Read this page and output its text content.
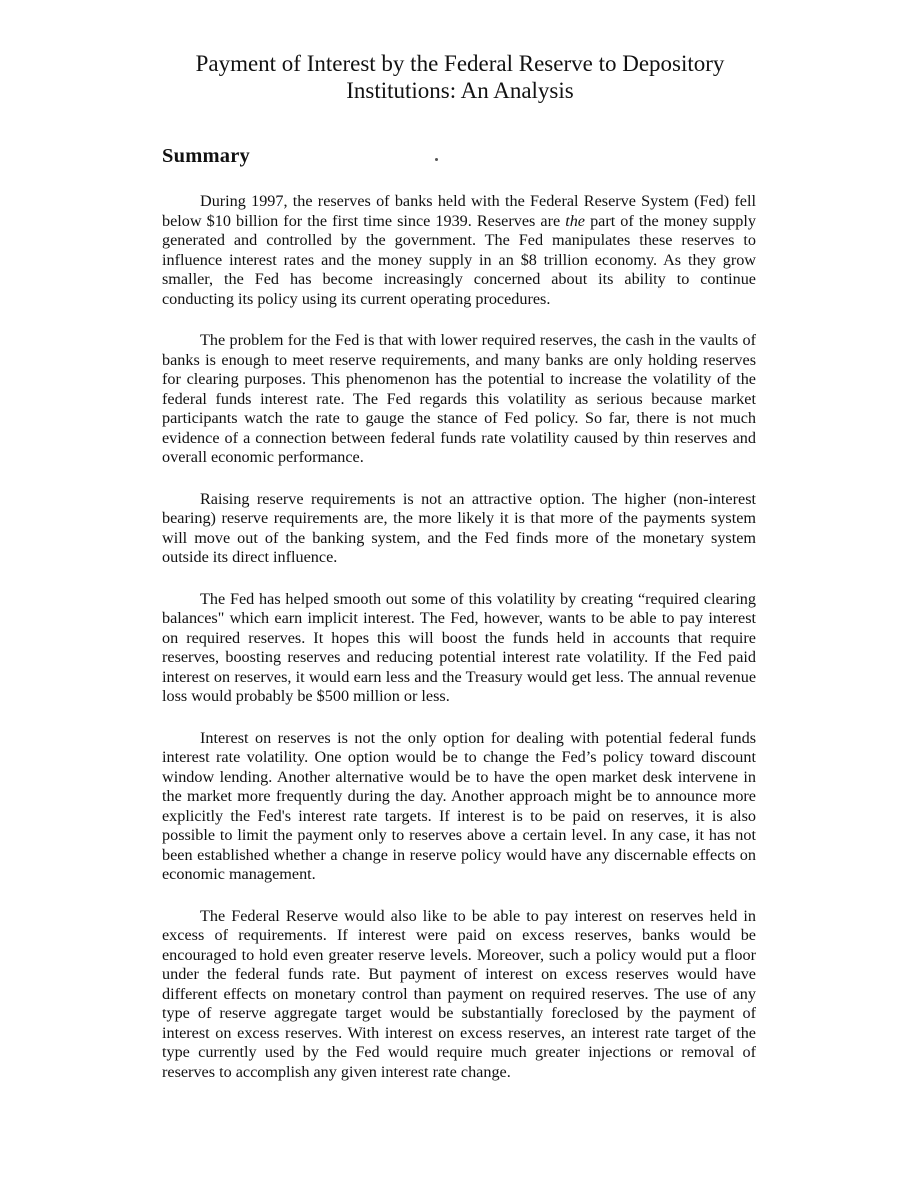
Payment of Interest by the Federal Reserve to Depository
Institutions: An Analysis
Summary

During 1997, the reserves of banks held with the Federal Reserve System (Fed) fell below $10 billion for the first time since 1939. Reserves are the part of the money supply generated and controlled by the government. The Fed manipulates these reserves to influence interest rates and the money supply in an $8 trillion economy. As they grow smaller, the Fed has become increasingly concerned about its ability to continue conducting its policy using its current operating procedures.

The problem for the Fed is that with lower required reserves, the cash in the vaults of banks is enough to meet reserve requirements, and many banks are only holding reserves for clearing purposes. This phenomenon has the potential to increase the volatility of the federal funds interest rate. The Fed regards this volatility as serious because market participants watch the rate to gauge the stance of Fed policy. So far, there is not much evidence of a connection between federal funds rate volatility caused by thin reserves and overall economic performance.

Raising reserve requirements is not an attractive option. The higher (non-interest bearing) reserve requirements are, the more likely it is that more of the payments system will move out of the banking system, and the Fed finds more of the monetary system outside its direct influence.

The Fed has helped smooth out some of this volatility by creating “required clearing balances" which earn implicit interest. The Fed, however, wants to be able to pay interest on required reserves. It hopes this will boost the funds held in accounts that require reserves, boosting reserves and reducing potential interest rate volatility. If the Fed paid interest on reserves, it would earn less and the Treasury would get less. The annual revenue loss would probably be $500 million or less.

Interest on reserves is not the only option for dealing with potential federal funds interest rate volatility. One option would be to change the Fed’s policy toward discount window lending. Another alternative would be to have the open market desk intervene in the market more frequently during the day. Another approach might be to announce more explicitly the Fed's interest rate targets. If interest is to be paid on reserves, it is also possible to limit the payment only to reserves above a certain level. In any case, it has not been established whether a change in reserve policy would have any discernable effects on economic management.

The Federal Reserve would also like to be able to pay interest on reserves held in excess of requirements. If interest were paid on excess reserves, banks would be encouraged to hold even greater reserve levels. Moreover, such a policy would put a floor under the federal funds rate. But payment of interest on excess reserves would have different effects on monetary control than payment on required reserves. The use of any type of reserve aggregate target would be substantially foreclosed by the payment of interest on excess reserves. With interest on excess reserves, an interest rate target of the type currently used by the Fed would require much greater injections or removal of reserves to accomplish any given interest rate change.
